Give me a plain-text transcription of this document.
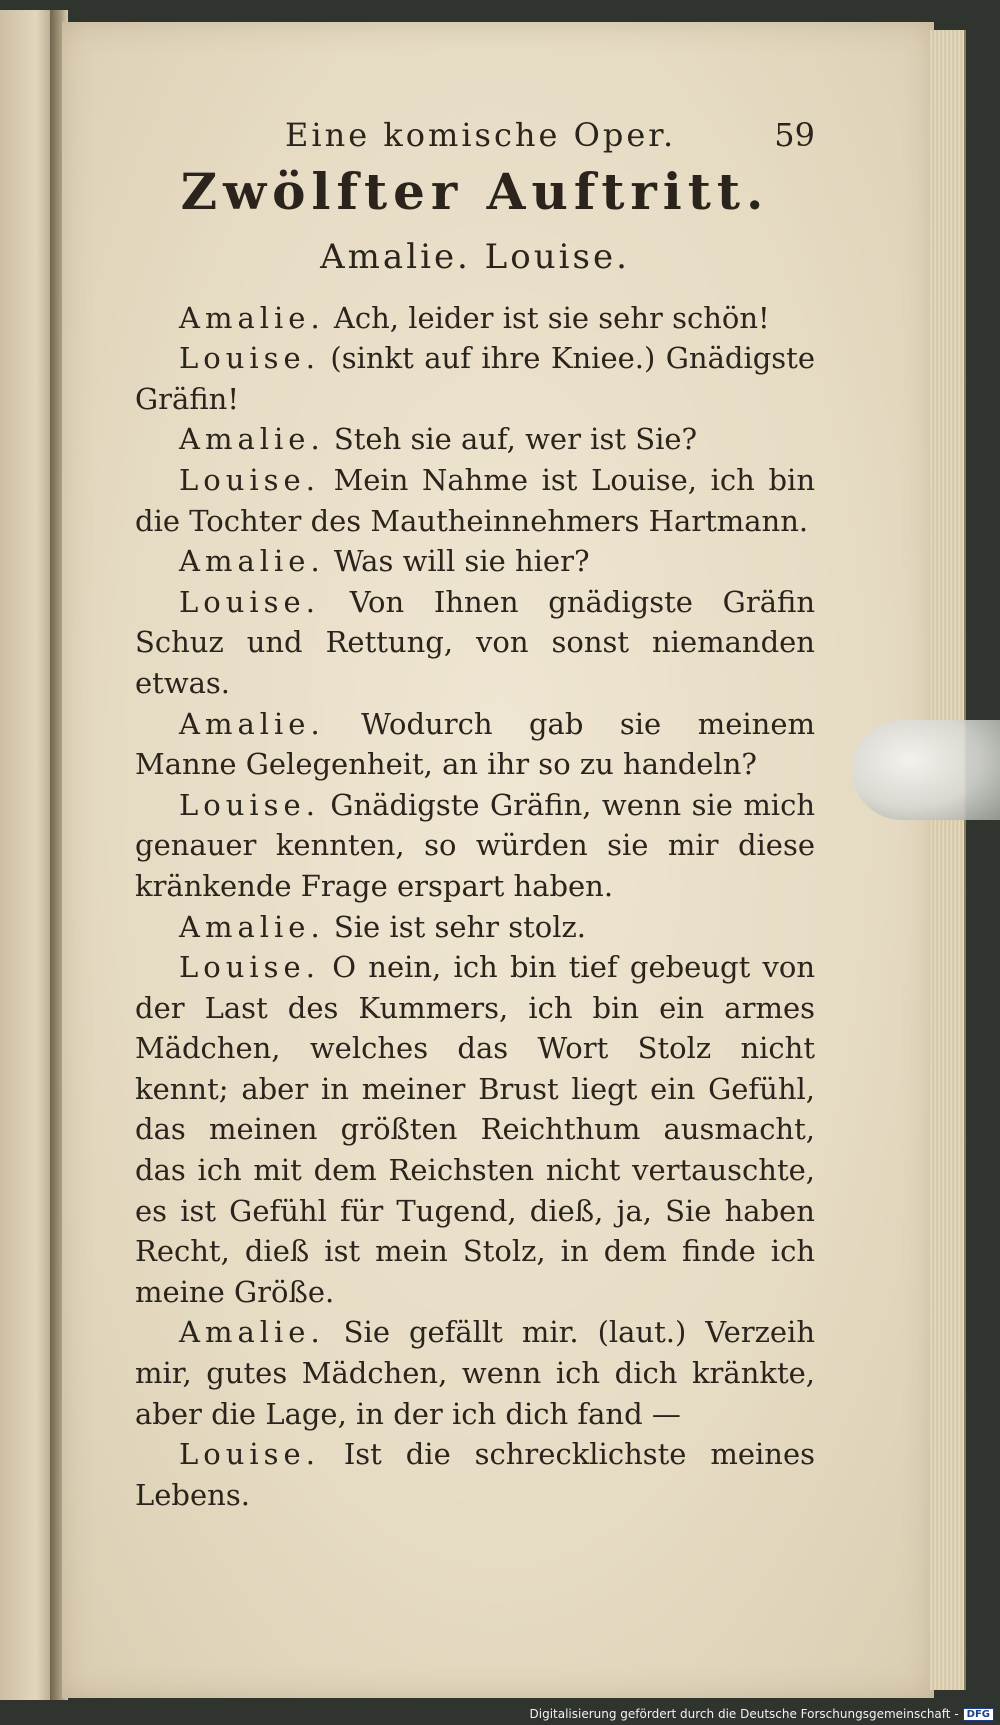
Eine komische Oper.	59
Zwölfter Auftritt.
Amalie. Louise.

Amalie. Ach, leider ist sie sehr schön!

Louise. (sinkt auf ihre Kniee.) Gnädigste Gräfin!

Amalie. Steh sie auf, wer ist Sie?

Louise. Mein Nahme ist Louise, ich bin die Tochter des Mautheinnehmers Hartmann.

Amalie. Was will sie hier?

Louise. Von Ihnen gnädigste Gräfin Schuz und Rettung, von sonst niemanden etwas.

Amalie. Wodurch gab sie meinem Manne Gelegenheit, an ihr so zu handeln?

Louise. Gnädigste Gräfin, wenn sie mich genauer kennten, so würden sie mir diese kränkende Frage erspart haben.

Amalie. Sie ist sehr stolz.

Louise. O nein, ich bin tief gebeugt von der Last des Kummers, ich bin ein armes Mädchen, welches das Wort Stolz nicht kennt; aber in meiner Brust liegt ein Gefühl, das meinen größten Reichthum ausmacht, das ich mit dem Reichsten nicht vertauschte, es ist Gefühl für Tugend, dieß, ja, Sie haben Recht, dieß ist mein Stolz, in dem finde ich meine Größe.

Amalie. Sie gefällt mir. (laut.) Verzeih mir, gutes Mädchen, wenn ich dich kränkte, aber die Lage, in der ich dich fand —

Louise. Ist die schrecklichste meines Lebens.

Digitalisierung gefördert durch die Deutsche Forschungsgemeinschaft - DFG
